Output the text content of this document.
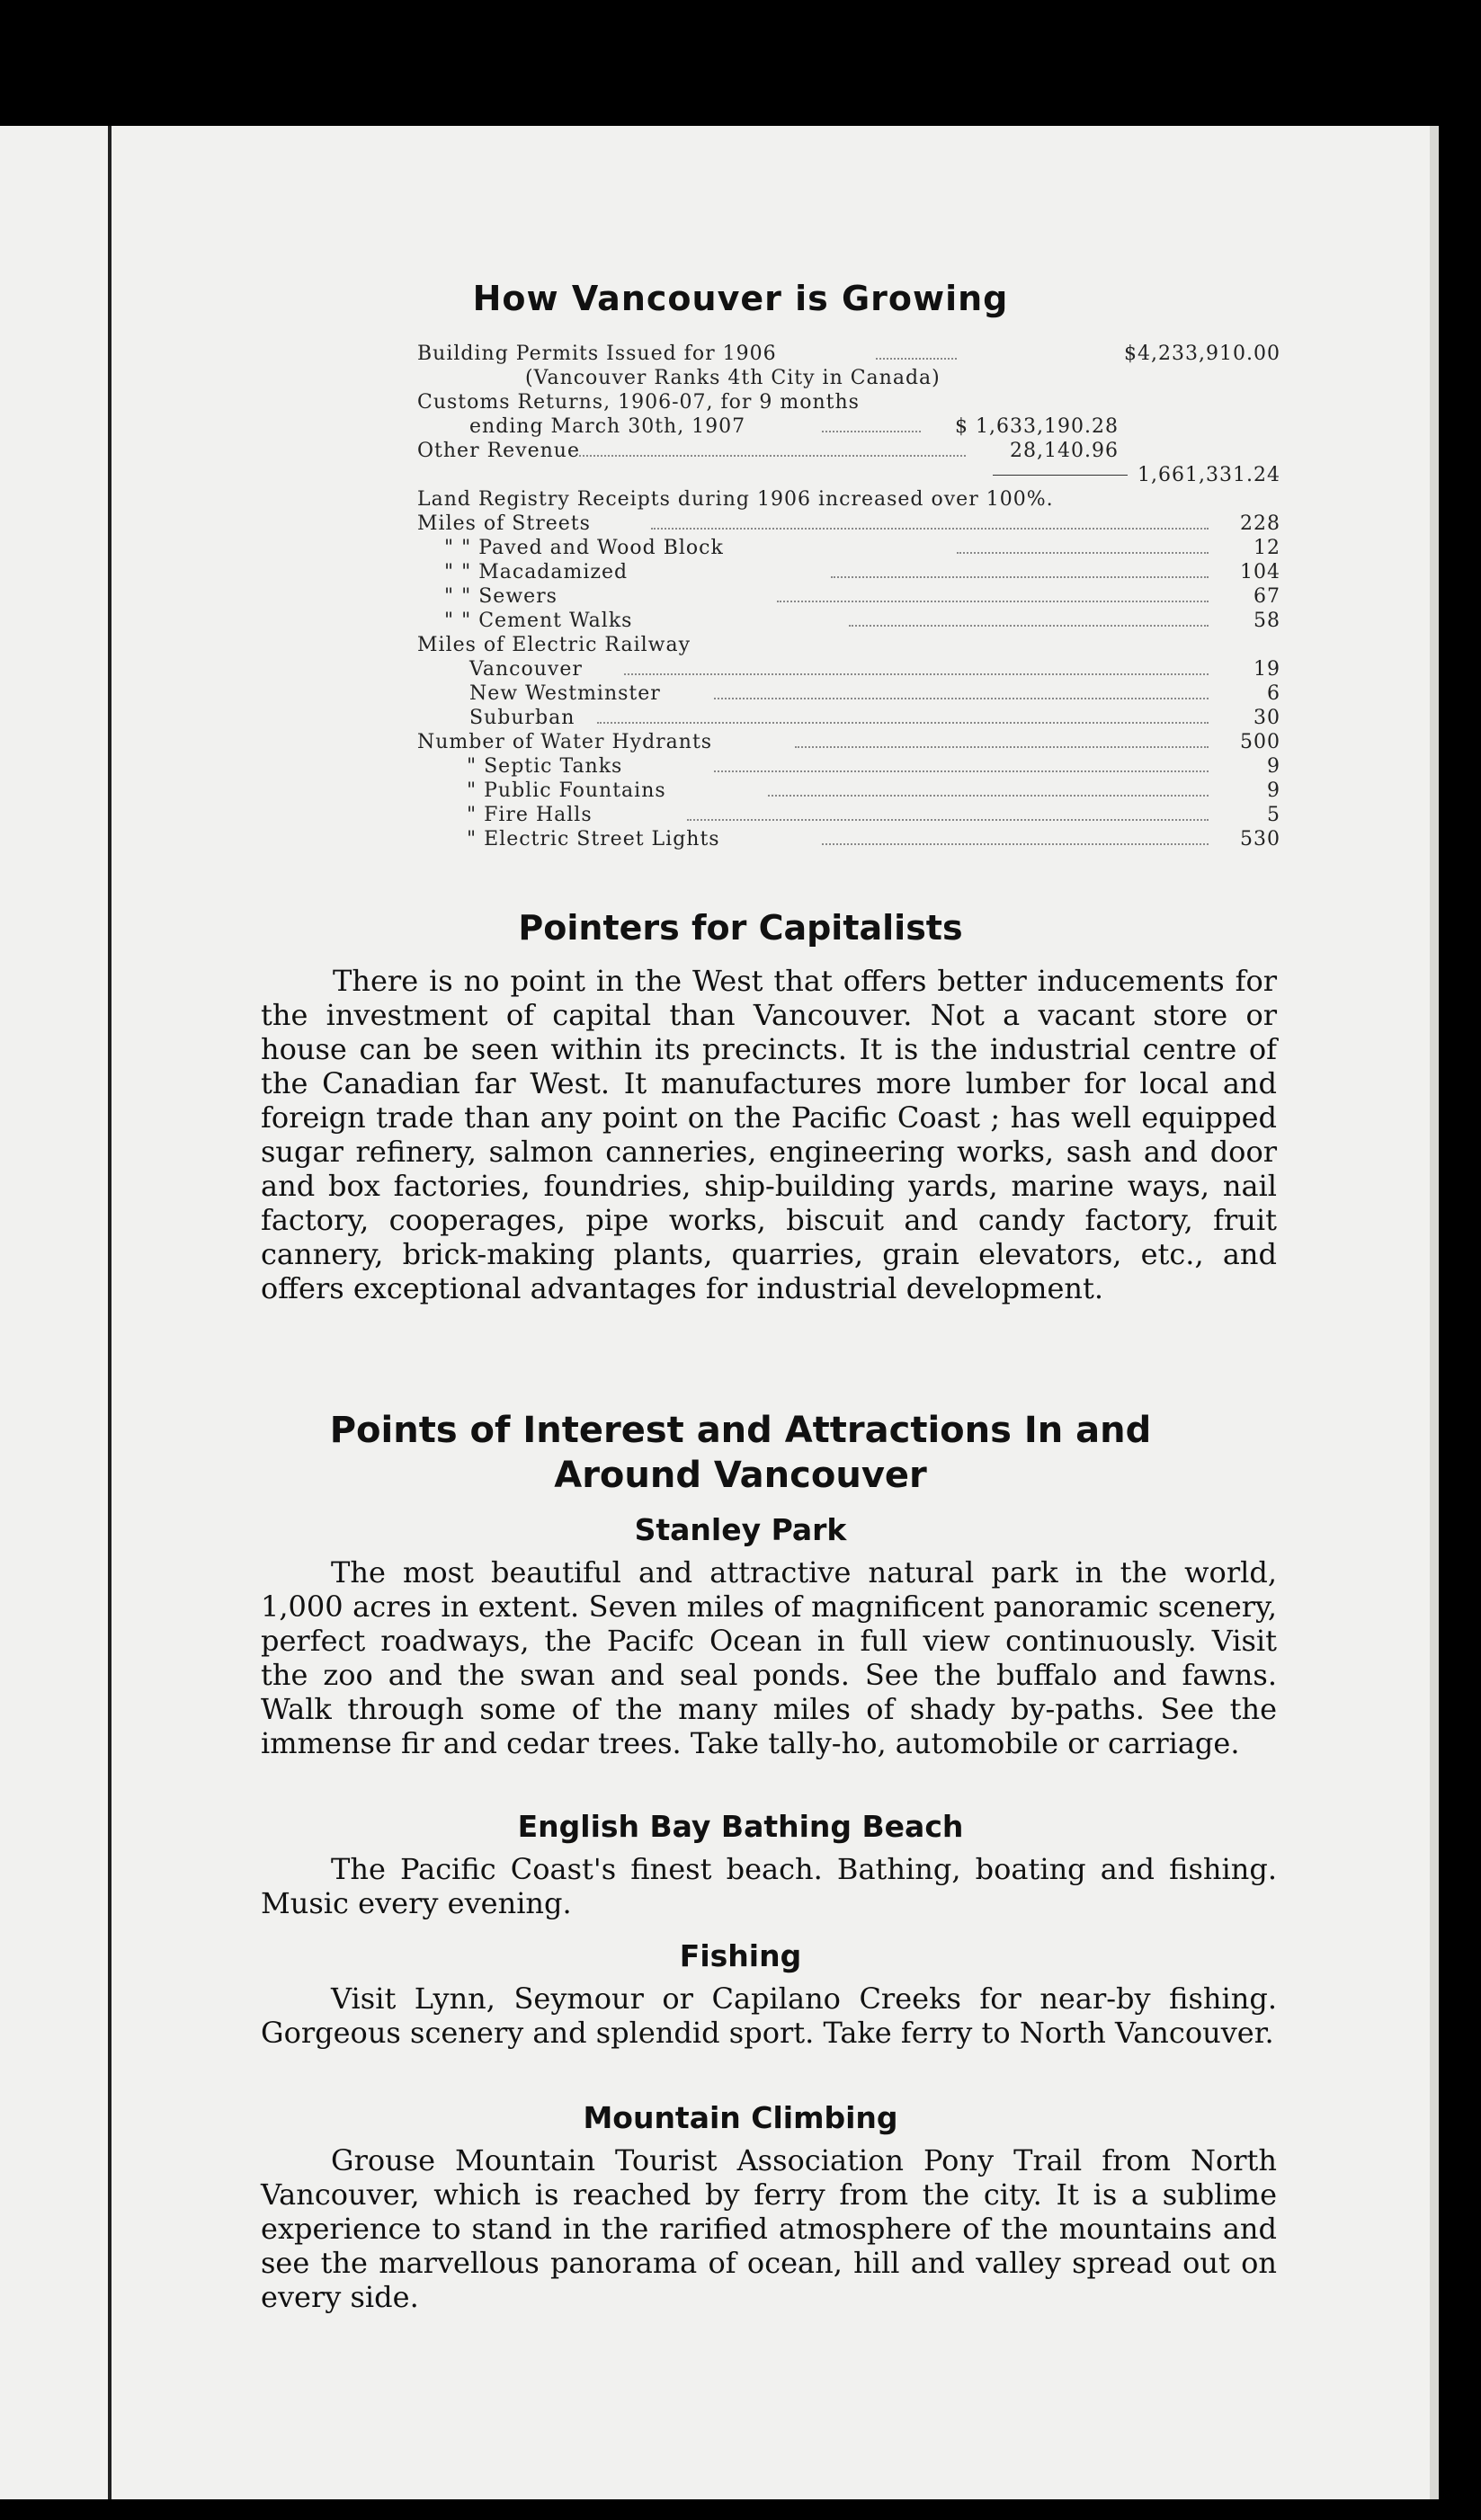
How Vancouver is Growing
Building Permits Issued for 1906	$4,233,910.00
(Vancouver Ranks 4th City in Canada)
Customs Returns, 1906-07, for 9 months
ending March 30th, 1907	$ 1,633,190.28
Other Revenue	28,140.96
1,661,331.24
Land Registry Receipts during 1906 increased over 100%.
Miles of Streets	228
" " Paved and Wood Block	12
" " Macadamized	104
" " Sewers	67
" " Cement Walks	58
Miles of Electric Railway
Vancouver	19
New Westminster	6
Suburban	30
Number of Water Hydrants	500
" Septic Tanks	9
" Public Fountains	9
" Fire Halls	5
" Electric Street Lights	530
Pointers for Capitalists

There is no point in the West that offers better inducements for the investment of capital than Vancouver. Not a vacant store or house can be seen within its precincts. It is the industrial centre of the Canadian far West. It manufactures more lumber for local and foreign trade than any point on the Pacific Coast ; has well equipped sugar refinery, salmon canneries, engineering works, sash and door and box factories, foundries, ship-building yards, marine ways, nail factory, cooperages, pipe works, biscuit and candy factory, fruit cannery, brick-making plants, quarries, grain elevators, etc., and offers exceptional advantages for industrial development.

Points of Interest and Attractions In and
Around Vancouver
Stanley Park

The most beautiful and attractive natural park in the world, 1,000 acres in extent. Seven miles of magnificent panoramic scenery, perfect roadways, the Pacifc Ocean in full view continuously. Visit the zoo and the swan and seal ponds. See the buffalo and fawns. Walk through some of the many miles of shady by-paths. See the immense fir and cedar trees. Take tally-ho, automobile or carriage.

English Bay Bathing Beach

The Pacific Coast's finest beach. Bathing, boating and fishing. Music every evening.

Fishing

Visit Lynn, Seymour or Capilano Creeks for near-by fishing. Gorgeous scenery and splendid sport. Take ferry to North Vancouver.

Mountain Climbing

Grouse Mountain Tourist Association Pony Trail from North Vancouver, which is reached by ferry from the city. It is a sublime experience to stand in the rarified atmosphere of the mountains and see the marvellous panorama of ocean, hill and valley spread out on every side.
